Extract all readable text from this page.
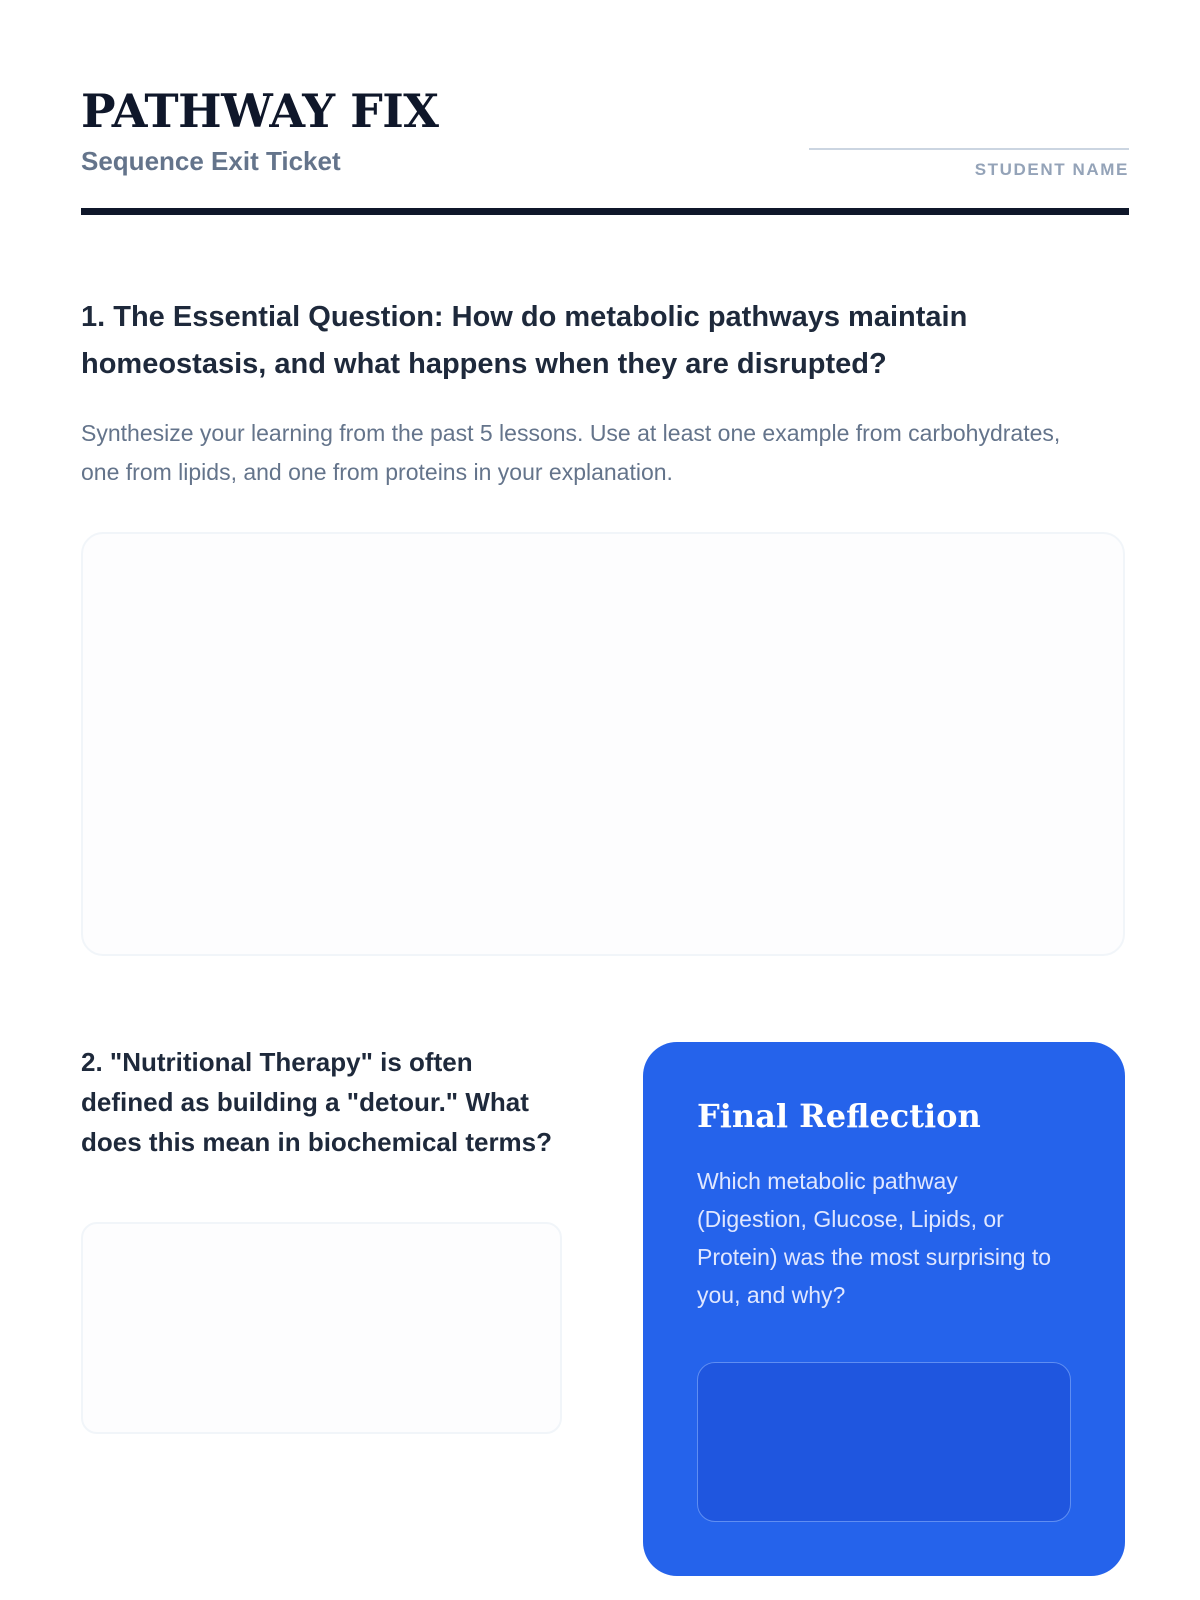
PATHWAY FIX
Sequence Exit Ticket	STUDENT NAME
1. The Essential Question: How do metabolic pathways maintain homeostasis, and what happens when they are disrupted?

Synthesize your learning from the past 5 lessons. Use at least one example from carbohydrates, one from lipids, and one from proteins in your explanation.

2. "Nutritional Therapy" is often defined as building a "detour." What does this mean in biochemical terms?
Final Reflection

Which metabolic pathway (Digestion, Glucose, Lipids, or Protein) was the most surprising to you, and why?
